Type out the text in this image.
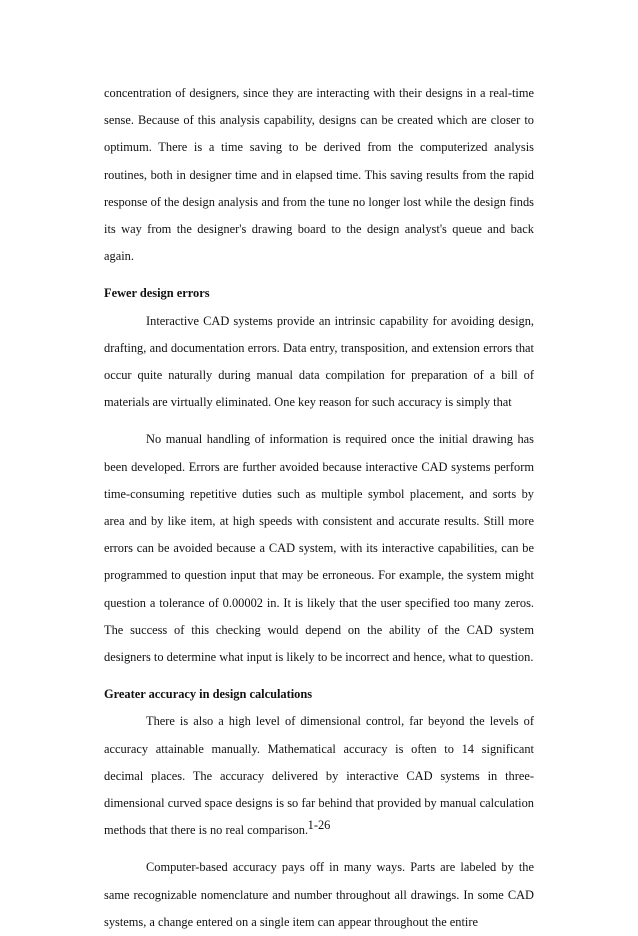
concentration of designers, since they are interacting with their designs in a real-time sense. Because of this analysis capability, designs can be created which are closer to optimum. There is a time saving to be derived from the computerized analysis routines, both in designer time and in elapsed time. This saving results from the rapid response of the design analysis and from the tune no longer lost while the design finds its way from the designer's drawing board to the design analyst's queue and back again.

Fewer design errors

Interactive CAD systems provide an intrinsic capability for avoiding design, drafting, and documentation errors. Data entry, transposition, and extension errors that occur quite naturally during manual data compilation for preparation of a bill of materials are virtually eliminated. One key reason for such accuracy is simply that

No manual handling of information is required once the initial drawing has been developed. Errors are further avoided because interactive CAD systems perform time-consuming repetitive duties such as multiple symbol placement, and sorts by area and by like item, at high speeds with consistent and accurate results. Still more errors can be avoided because a CAD system, with its interactive capabilities, can be programmed to question input that may be erroneous. For example, the system might question a tolerance of 0.00002 in. It is likely that the user specified too many zeros. The success of this checking would depend on the ability of the CAD system designers to determine what input is likely to be incorrect and hence, what to question.

Greater accuracy in design calculations

There is also a high level of dimensional control, far beyond the levels of accuracy attainable manually. Mathematical accuracy is often to 14 significant decimal places. The accuracy delivered by interactive CAD systems in three-dimensional curved space designs is so far behind that provided by manual calculation methods that there is no real comparison.

Computer-based accuracy pays off in many ways. Parts are labeled by the same recognizable nomenclature and number throughout all drawings. In some CAD systems, a change entered on a single item can appear throughout the entire

1-26
